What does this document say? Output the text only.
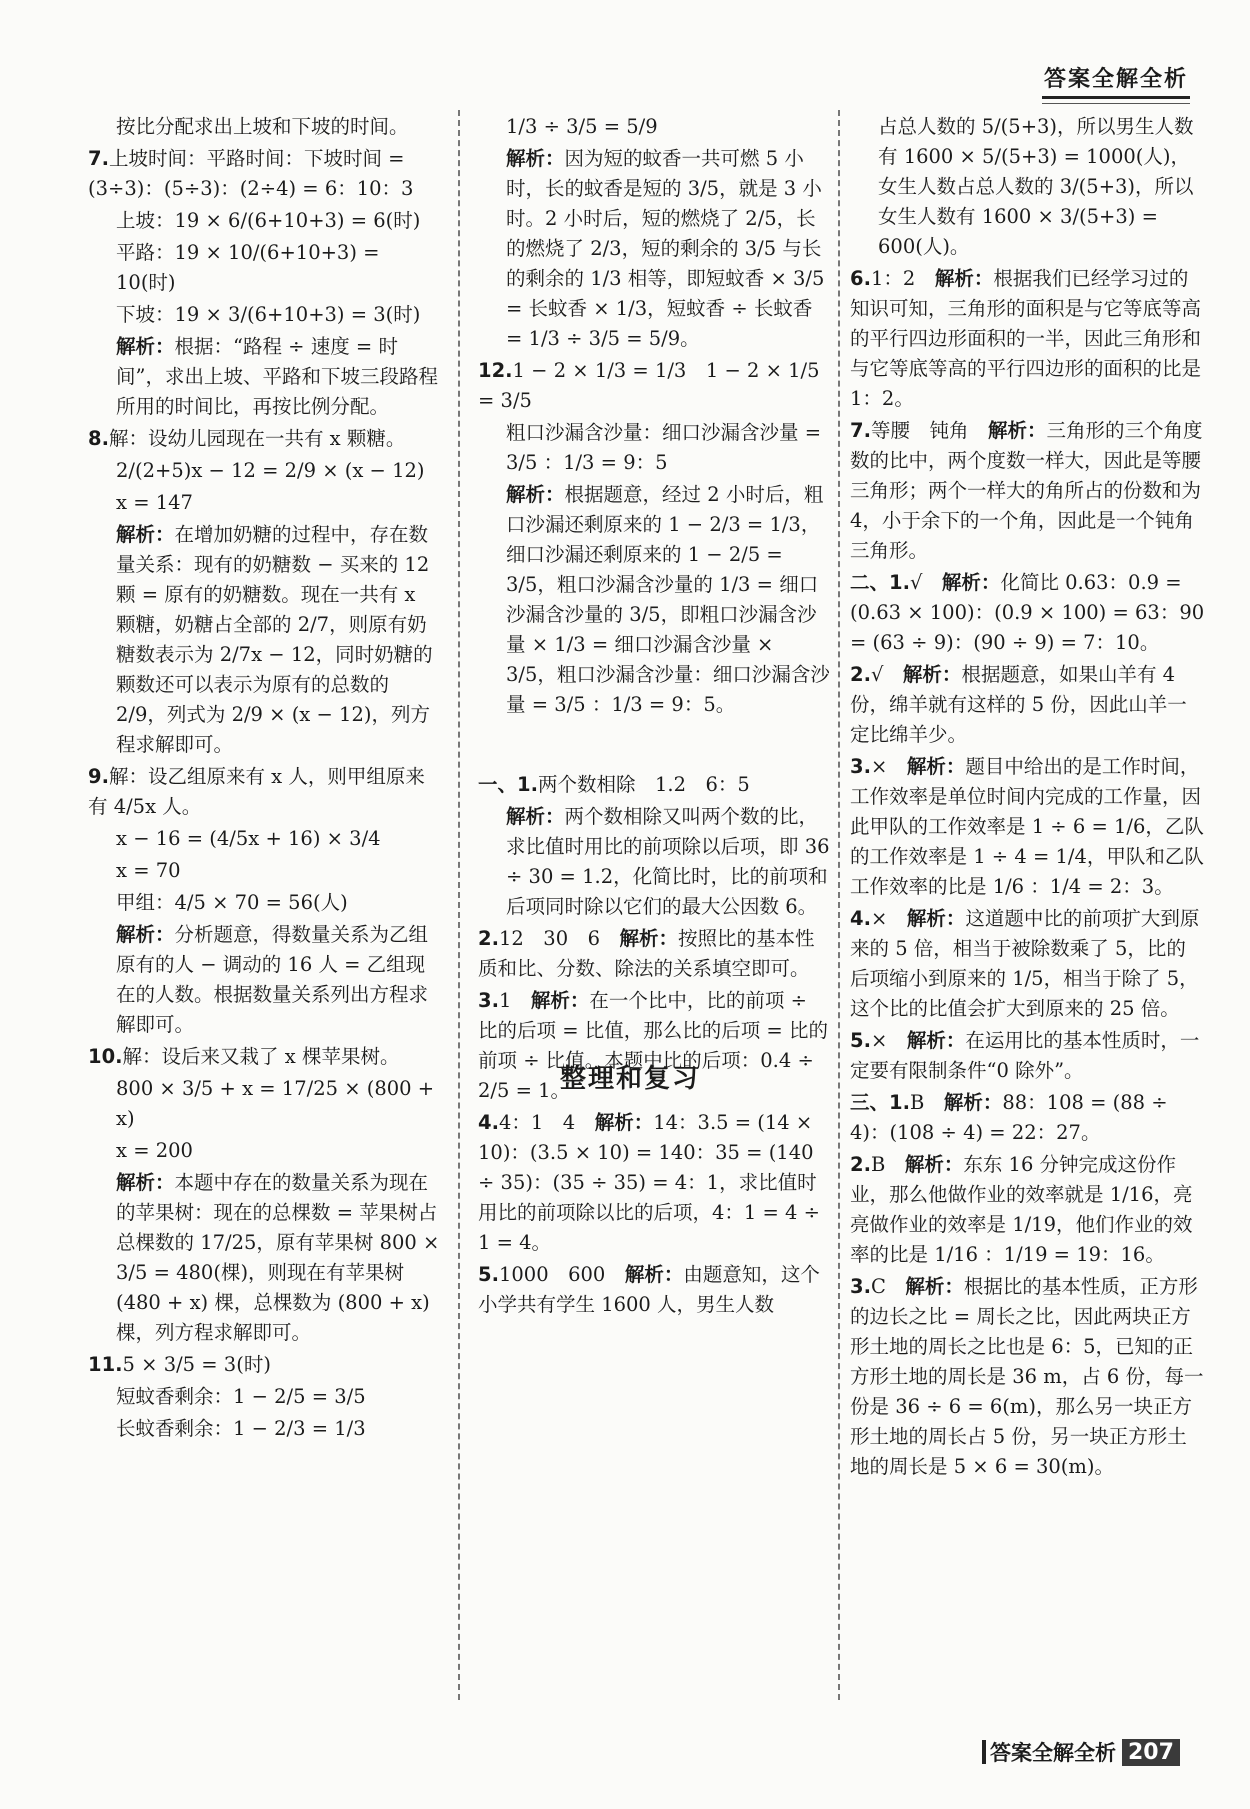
答案全解全析
按比分配求出上坡和下坡的时间。
7.上坡时间：平路时间：下坡时间 = (3÷3)：(5÷3)：(2÷4) = 6：10：3
上坡：19 × 6/(6+10+3) = 6(时)
平路：19 × 10/(6+10+3) = 10(时)
下坡：19 × 3/(6+10+3) = 3(时)
解析：根据：“路程 ÷ 速度 = 时间”，求出上坡、平路和下坡三段路程所用的时间比，再按比例分配。
8.解：设幼儿园现在一共有 x 颗糖。
2/(2+5)x − 12 = 2/9 × (x − 12)
x = 147
解析：在增加奶糖的过程中，存在数量关系：现有的奶糖数 − 买来的 12 颗 = 原有的奶糖数。现在一共有 x 颗糖，奶糖占全部的 2/7，则原有奶糖数表示为 2/7x − 12，同时奶糖的颗数还可以表示为原有的总数的 2/9，列式为 2/9 × (x − 12)，列方程求解即可。
9.解：设乙组原来有 x 人，则甲组原来有 4/5x 人。
x − 16 = (4/5x + 16) × 3/4
x = 70
甲组：4/5 × 70 = 56(人)
解析：分析题意，得数量关系为乙组原有的人 − 调动的 16 人 = 乙组现在的人数。根据数量关系列出方程求解即可。
10.解：设后来又栽了 x 棵苹果树。
800 × 3/5 + x = 17/25 × (800 + x)
x = 200
解析：本题中存在的数量关系为现在的苹果树：现在的总棵数 = 苹果树占总棵数的 17/25，原有苹果树 800 × 3/5 = 480(棵)，则现在有苹果树 (480 + x) 棵，总棵数为 (800 + x) 棵，列方程求解即可。
11.5 × 3/5 = 3(时)
短蚊香剩余：1 − 2/5 = 3/5
长蚊香剩余：1 − 2/3 = 1/3
1/3 ÷ 3/5 = 5/9
解析：因为短的蚊香一共可燃 5 小时，长的蚊香是短的 3/5，就是 3 小时。2 小时后，短的燃烧了 2/5，长的燃烧了 2/3，短的剩余的 3/5 与长的剩余的 1/3 相等，即短蚊香 × 3/5 = 长蚊香 × 1/3，短蚊香 ÷ 长蚊香 = 1/3 ÷ 3/5 = 5/9。
12.1 − 2 × 1/3 = 1/3　1 − 2 × 1/5 = 3/5
粗口沙漏含沙量：细口沙漏含沙量 = 3/5 ：1/3 = 9：5
解析：根据题意，经过 2 小时后，粗口沙漏还剩原来的 1 − 2/3 = 1/3，细口沙漏还剩原来的 1 − 2/5 = 3/5，粗口沙漏含沙量的 1/3 = 细口沙漏含沙量的 3/5，即粗口沙漏含沙量 × 1/3 = 细口沙漏含沙量 × 3/5，粗口沙漏含沙量：细口沙漏含沙量 = 3/5 ：1/3 = 9：5。
一、1.两个数相除　1.2　6：5
解析：两个数相除又叫两个数的比，求比值时用比的前项除以后项，即 36 ÷ 30 = 1.2，化简比时，比的前项和后项同时除以它们的最大公因数 6。
2.12　30　6　解析：按照比的基本性质和比、分数、除法的关系填空即可。
3.1　解析：在一个比中，比的前项 ÷ 比的后项 = 比值，那么比的后项 = 比的前项 ÷ 比值。本题中比的后项：0.4 ÷ 2/5 = 1。
4.4：1　4　解析：14：3.5 = (14 × 10)：(3.5 × 10) = 140：35 = (140 ÷ 35)：(35 ÷ 35) = 4：1，求比值时用比的前项除以比的后项，4：1 = 4 ÷ 1 = 4。
5.1000　600　解析：由题意知，这个小学共有学生 1600 人，男生人数
占总人数的 5/(5+3)，所以男生人数有 1600 × 5/(5+3) = 1000(人)，女生人数占总人数的 3/(5+3)，所以女生人数有 1600 × 3/(5+3) = 600(人)。
6.1：2　解析：根据我们已经学习过的知识可知，三角形的面积是与它等底等高的平行四边形面积的一半，因此三角形和与它等底等高的平行四边形的面积的比是 1：2。
7.等腰　钝角　解析：三角形的三个角度数的比中，两个度数一样大，因此是等腰三角形；两个一样大的角所占的份数和为 4，小于余下的一个角，因此是一个钝角三角形。
二、1.√　解析：化简比 0.63：0.9 = (0.63 × 100)：(0.9 × 100) = 63：90 = (63 ÷ 9)：(90 ÷ 9) = 7：10。
2.√　解析：根据题意，如果山羊有 4 份，绵羊就有这样的 5 份，因此山羊一定比绵羊少。
3.×　解析：题目中给出的是工作时间，工作效率是单位时间内完成的工作量，因此甲队的工作效率是 1 ÷ 6 = 1/6，乙队的工作效率是 1 ÷ 4 = 1/4，甲队和乙队工作效率的比是 1/6 ：1/4 = 2：3。
4.×　解析：这道题中比的前项扩大到原来的 5 倍，相当于被除数乘了 5，比的后项缩小到原来的 1/5，相当于除了 5，这个比的比值会扩大到原来的 25 倍。
5.×　解析：在运用比的基本性质时，一定要有限制条件“0 除外”。
三、1.B　解析：88：108 = (88 ÷ 4)：(108 ÷ 4) = 22：27。
2.B　解析：东东 16 分钟完成这份作业，那么他做作业的效率就是 1/16，亮亮做作业的效率是 1/19，他们作业的效率的比是 1/16 ：1/19 = 19：16。
3.C　解析：根据比的基本性质，正方形的边长之比 = 周长之比，因此两块正方形土地的周长之比也是 6：5，已知的正方形土地的周长是 36 m，占 6 份，每一份是 36 ÷ 6 = 6(m)，那么另一块正方形土地的周长占 5 份，另一块正方形土地的周长是 5 × 6 = 30(m)。
整理和复习
答案全解全析 207
